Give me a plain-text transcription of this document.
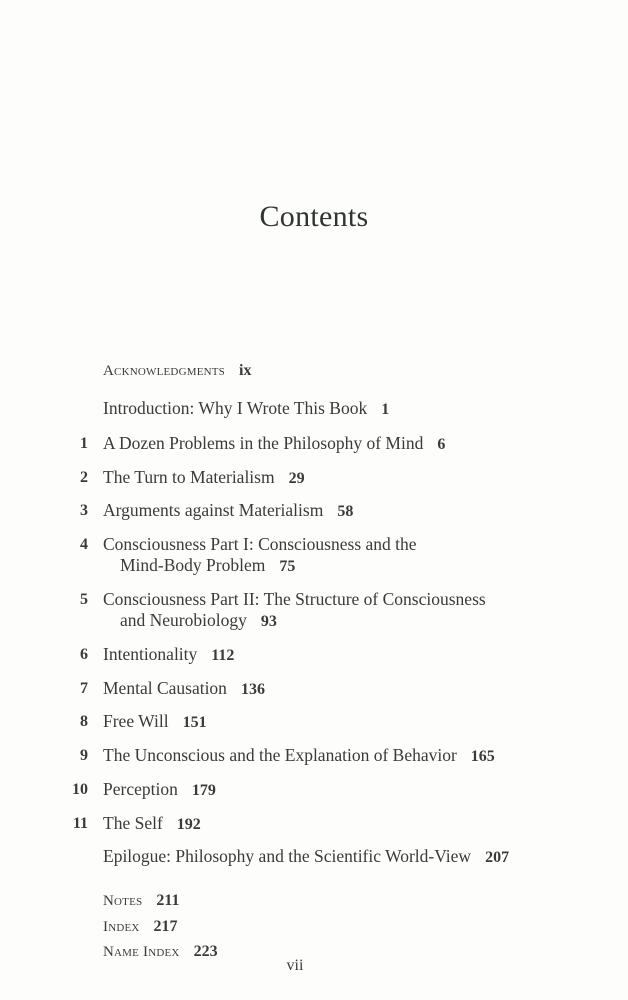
Contents
Acknowledgments ix
Introduction: Why I Wrote This Book 1
1 A Dozen Problems in the Philosophy of Mind 6
2 The Turn to Materialism 29
3 Arguments against Materialism 58
4 Consciousness Part I: Consciousness and the
Mind-Body Problem 75
5 Consciousness Part II: The Structure of Consciousness
and Neurobiology 93
6 Intentionality 112
7 Mental Causation 136
8 Free Will 151
9 The Unconscious and the Explanation of Behavior 165
10 Perception 179
11 The Self 192
Epilogue: Philosophy and the Scientific World-View 207
Notes 211
Index 217
Name Index 223
vii
